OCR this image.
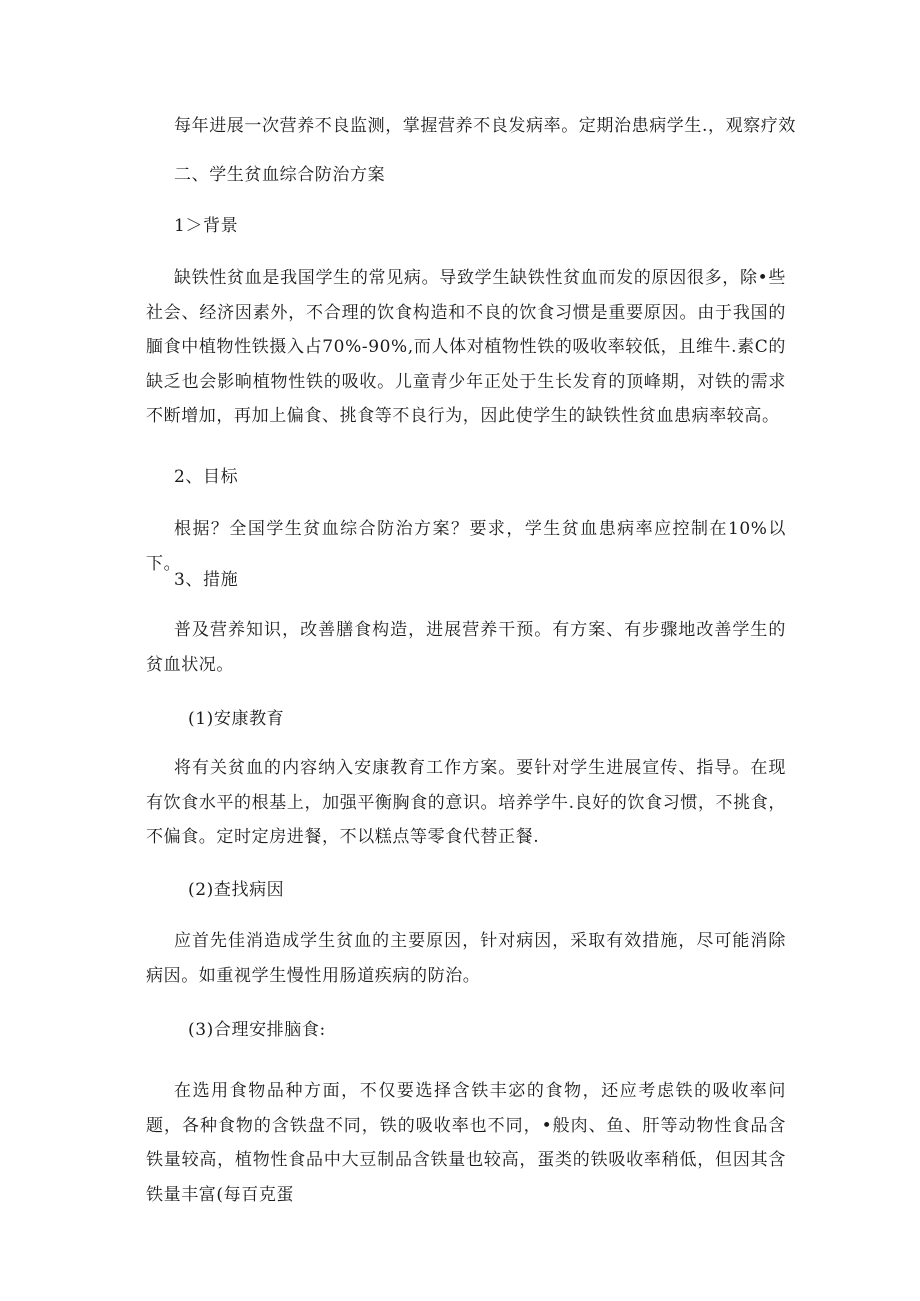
每年进展一次营养不良监测，掌握营养不良发病率。定期治患病学生.，观察疗效

二、学生贫血综合防治方案

1＞背景

缺铁性贫血是我国学生的常见病。导致学生缺铁性贫血而发的原因很多，除•些社会、经济因素外，不合理的饮食构造和不良的饮食习惯是重要原因。由于我国的腼食中植物性铁摄入占70%-90%,而人体对植物性铁的吸收率较低，且维牛.素C的缺乏也会影晌植物性铁的吸收。儿童青少年正处于生长发育的顶峰期，对铁的需求不断增加，再加上偏食、挑食等不良行为，因此使学生的缺铁性贫血患病率较高。

2、目标

根据？全国学生贫血综合防治方案？要求，学生贫血患病率应控制在10%以下。

3、措施

普及营养知识，改善膳食构造，进展营养干预。有方案、有步骤地改善学生的贫血状况。

(1)安康教育

将有关贫血的内容纳入安康教育工作方案。要针对学生进展宣传、指导。在现有饮食水平的根基上，加强平衡胸食的意识。培养学牛.良好的饮食习惯，不挑食，不偏食。定时定房进餐，不以糕点等零食代替正餐.

(2)查找病因

应首先佳消造成学生贫血的主要原因，针对病因，采取有效措施，尽可能消除病因。如重视学生慢性用肠道疾病的防治。

(3)合理安排脑食:

在选用食物品种方面，不仅要选择含铁丰宓的食物，还应考虑铁的吸收率问题，各种食物的含铁盘不同，铁的吸收率也不同，•般肉、鱼、肝等动物性食品含铁量较高，植物性食品中大豆制品含铁量也较高，蛋类的铁吸收率稍低，但因其含铁量丰富(每百克蛋
